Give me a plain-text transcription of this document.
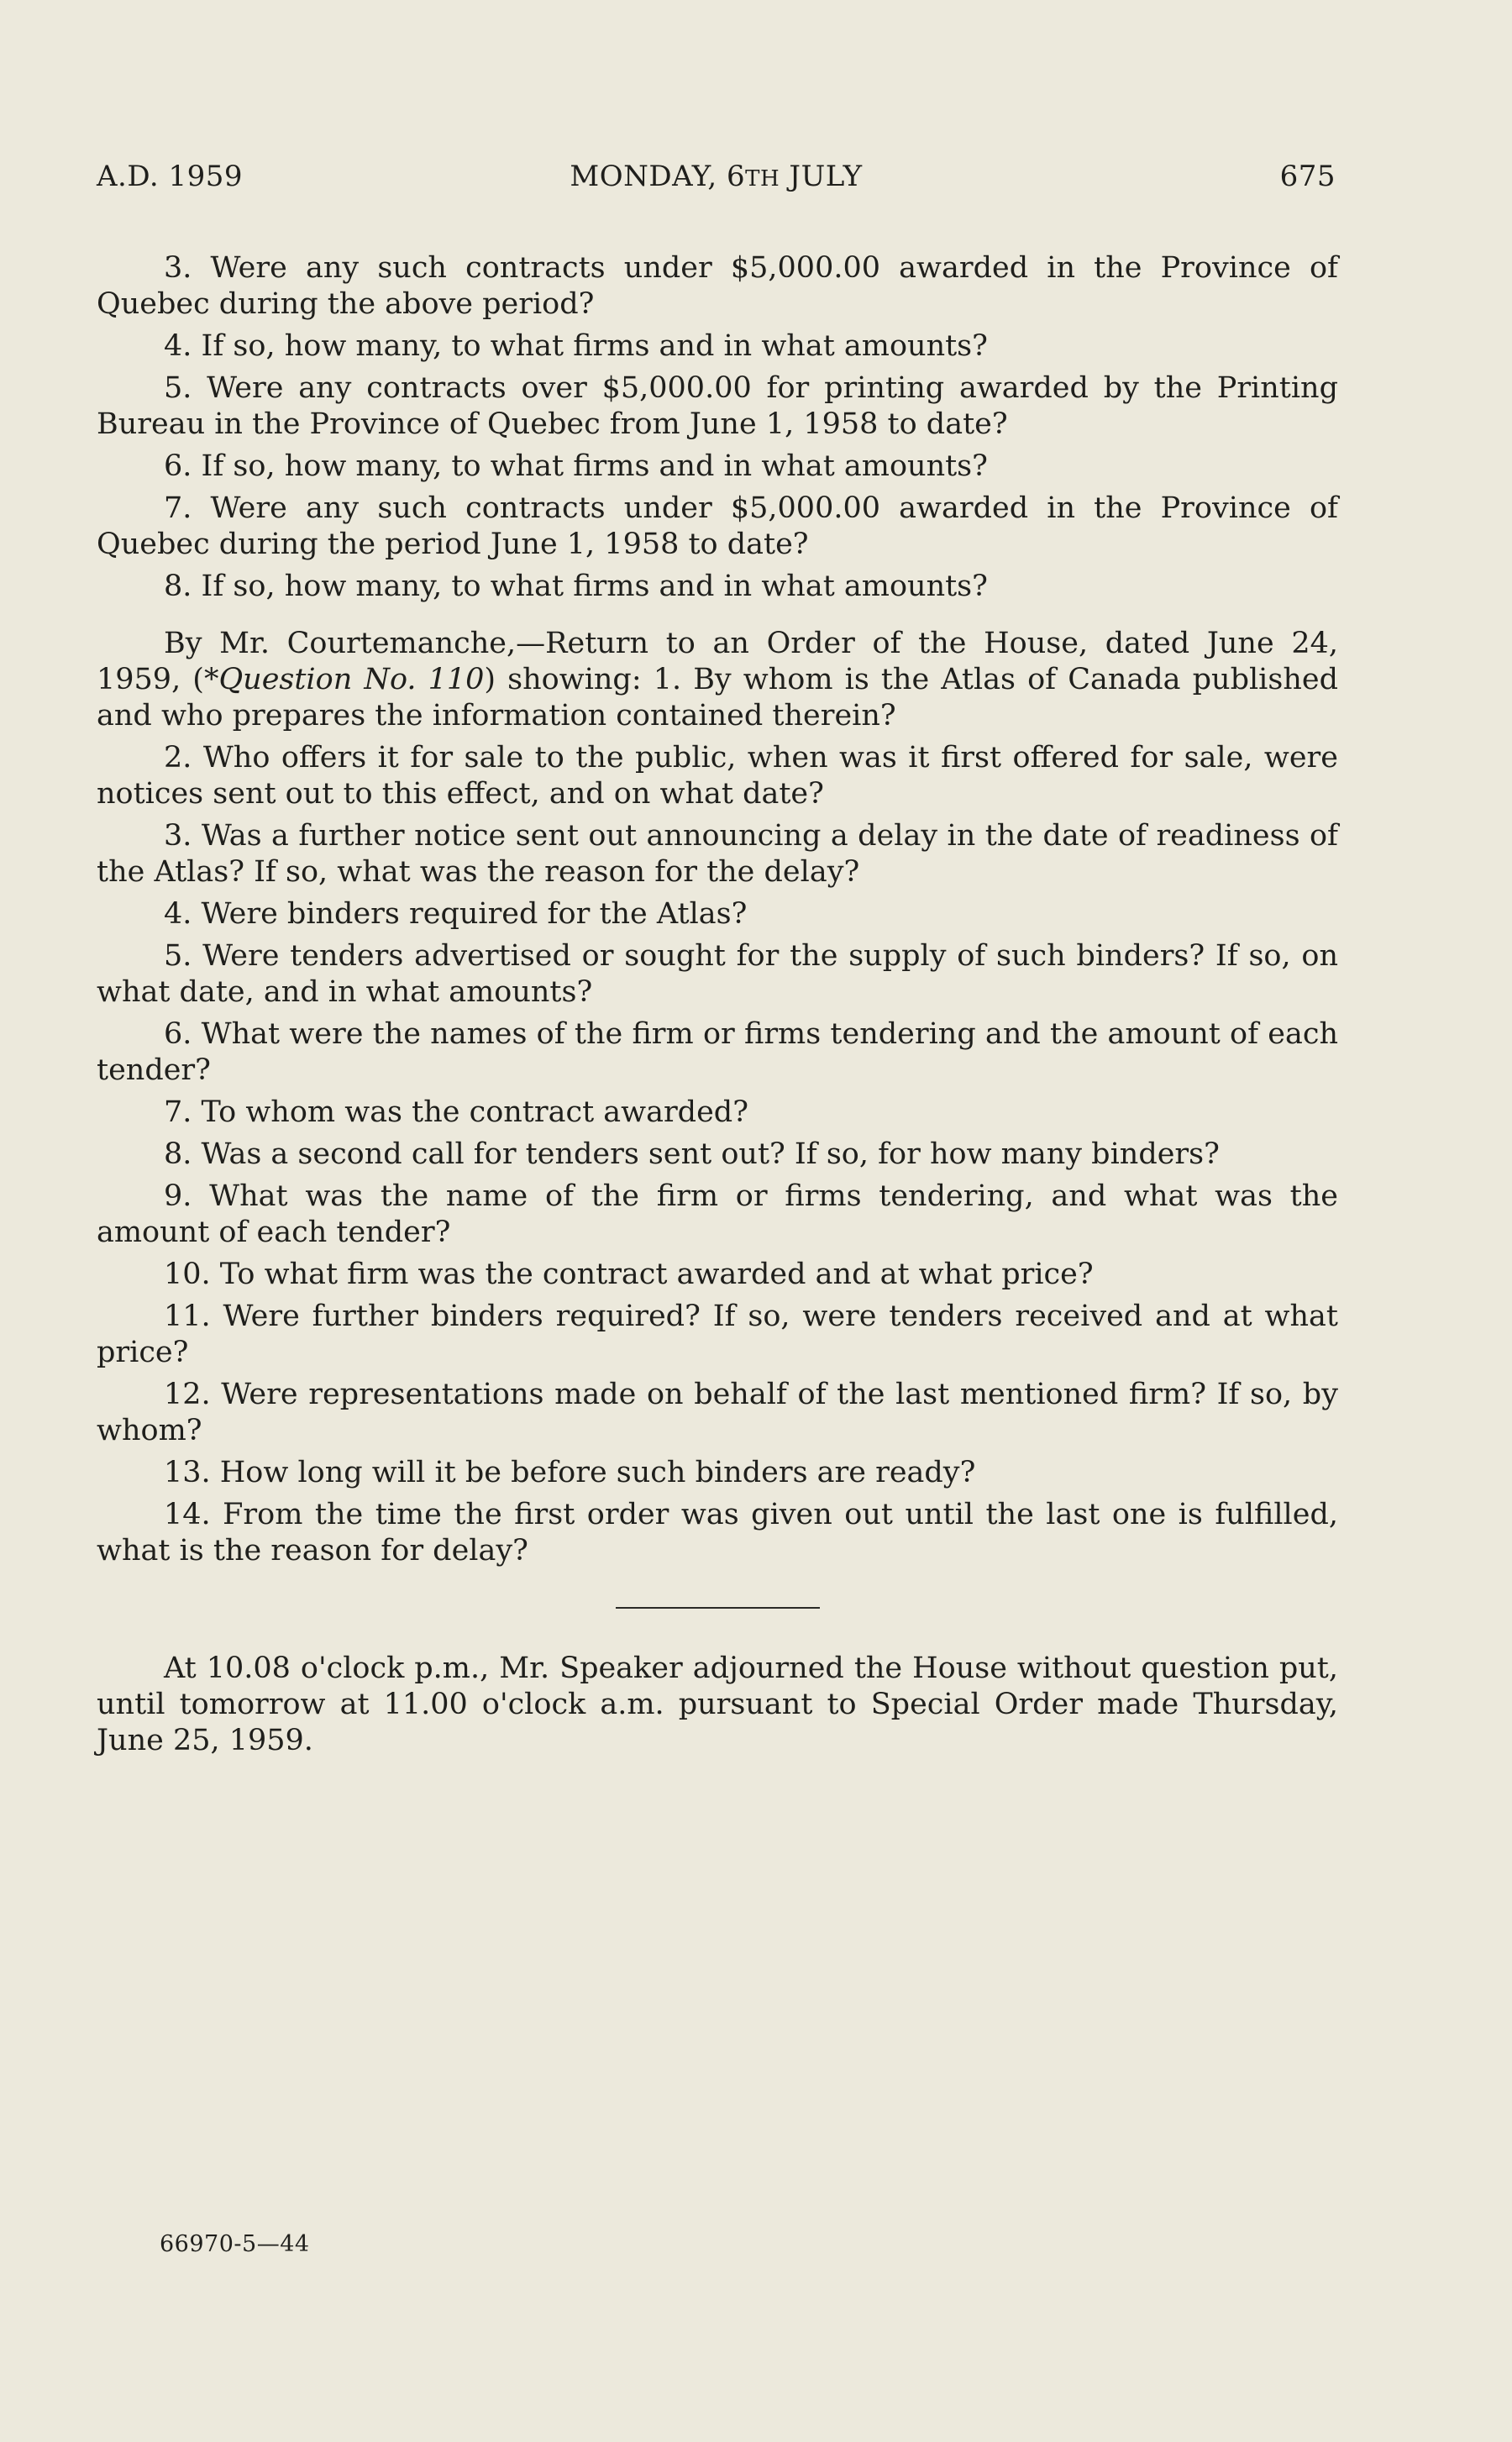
A.D. 1959	MONDAY, 6TH JULY	675

3. Were any such contracts under $5,000.00 awarded in the Province of Quebec during the above period?

4. If so, how many, to what firms and in what amounts?

5. Were any contracts over $5,000.00 for printing awarded by the Printing Bureau in the Province of Quebec from June 1, 1958 to date?

6. If so, how many, to what firms and in what amounts?

7. Were any such contracts under $5,000.00 awarded in the Province of Quebec during the period June 1, 1958 to date?

8. If so, how many, to what firms and in what amounts?

By Mr. Courtemanche,—Return to an Order of the House, dated June 24, 1959, (*Question No. 110) showing: 1. By whom is the Atlas of Canada published and who prepares the information contained therein?

2. Who offers it for sale to the public, when was it first offered for sale, were notices sent out to this effect, and on what date?

3. Was a further notice sent out announcing a delay in the date of readiness of the Atlas? If so, what was the reason for the delay?

4. Were binders required for the Atlas?

5. Were tenders advertised or sought for the supply of such binders? If so, on what date, and in what amounts?

6. What were the names of the firm or firms tendering and the amount of each tender?

7. To whom was the contract awarded?

8. Was a second call for tenders sent out? If so, for how many binders?

9. What was the name of the firm or firms tendering, and what was the amount of each tender?

10. To what firm was the contract awarded and at what price?

11. Were further binders required? If so, were tenders received and at what price?

12. Were representations made on behalf of the last mentioned firm? If so, by whom?

13. How long will it be before such binders are ready?

14. From the time the first order was given out until the last one is fulfilled, what is the reason for delay?

At 10.08 o'clock p.m., Mr. Speaker adjourned the House without question put, until tomorrow at 11.00 o'clock a.m. pursuant to Special Order made Thursday, June 25, 1959.

66970-5—44
